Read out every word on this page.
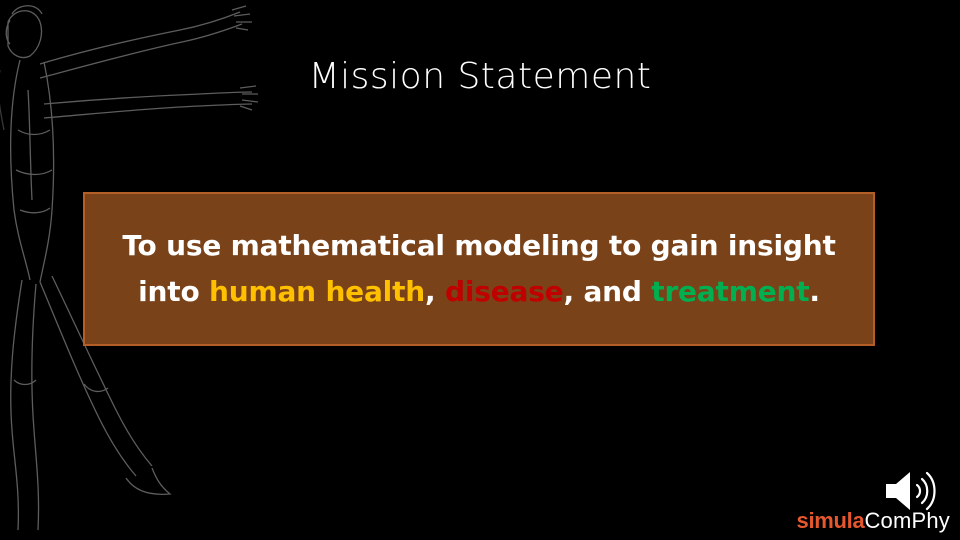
Mission Statement
To use mathematical modeling to gain insight
into human health, disease, and treatment.
simulaComPhy
